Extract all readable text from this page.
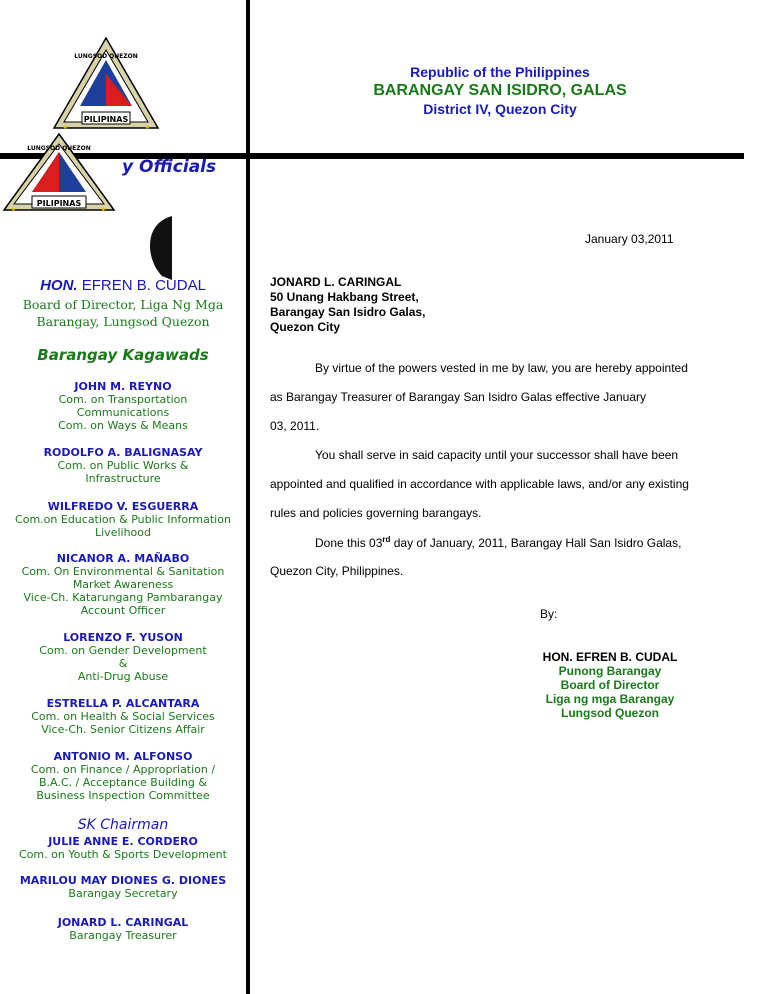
PILIPINAS
LUNGSOD QUEZON
✦	✦
PILIPINAS
LUNGSOD QUEZON
✦	✦
Republic of the Philippines
BARANGAY SAN ISIDRO, GALAS
District IV, Quezon City
y Officials
HON. EFREN B. CUDAL
Board of Director, Liga Ng Mga
Barangay, Lungsod Quezon
Barangay Kagawads
JOHN M. REYNO
Com. on Transportation
Communications
Com. on Ways & Means
RODOLFO A. BALIGNASAY
Com. on Public Works &
Infrastructure
WILFREDO V. ESGUERRA
Com.on Education & Public Information
Livelihood
NICANOR A. MAÑABO
Com. On Environmental & Sanitation
Market Awareness
Vice-Ch. Katarungang Pambarangay
Account Officer
LORENZO F. YUSON
Com. on Gender Development
&
Anti-Drug Abuse
ESTRELLA P. ALCANTARA
Com. on Health & Social Services
Vice-Ch. Senior Citizens Affair
ANTONIO M. ALFONSO
Com. on Finance / Appropriation /
B.A.C. / Acceptance Building &
Business Inspection Committee
SK Chairman
JULIE ANNE E. CORDERO
Com. on Youth & Sports Development
MARILOU MAY DIONES G. DIONES
Barangay Secretary
JONARD L. CARINGAL
Barangay Treasurer
January 03,2011
JONARD L. CARINGAL
50 Unang Hakbang Street,
Barangay San Isidro Galas,
Quezon City
By virtue of the powers vested in me by law, you are hereby appointed
as Barangay Treasurer of Barangay San Isidro Galas effective January
03, 2011.
You shall serve in said capacity until your successor shall have been
appointed and qualified in accordance with applicable laws, and/or any existing
rules and policies governing barangays.
Done this 03rd day of January, 2011, Barangay Hall San Isidro Galas,
Quezon City, Philippines.
By:
HON. EFREN B. CUDAL
Punong Barangay
Board of Director
Liga ng mga Barangay
Lungsod Quezon
